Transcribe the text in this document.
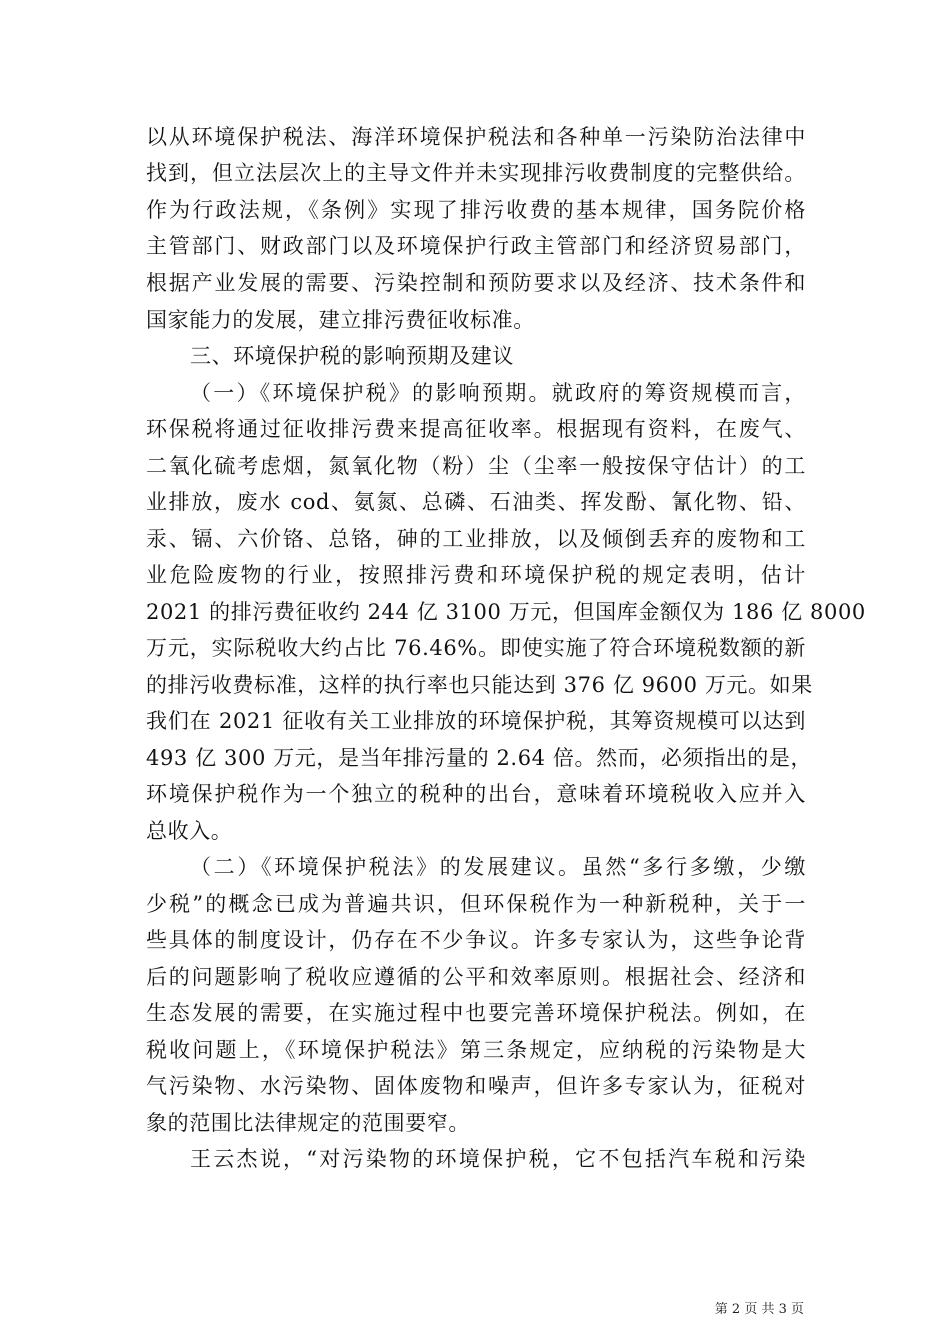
以从环境保护税法、海洋环境保护税法和各种单一污染防治法律中
找到，但立法层次上的主导文件并未实现排污收费制度的完整供给。
作为行政法规，《条例》实现了排污收费的基本规律，国务院价格
主管部门、财政部门以及环境保护行政主管部门和经济贸易部门，
根据产业发展的需要、污染控制和预防要求以及经济、技术条件和
国家能力的发展，建立排污费征收标准。
三、环境保护税的影响预期及建议
（一）《环境保护税》的影响预期。就政府的筹资规模而言，
环保税将通过征收排污费来提高征收率。根据现有资料，在废气、
二氧化硫考虑烟，氮氧化物（粉）尘（尘率一般按保守估计）的工
业排放，废水 cod、氨氮、总磷、石油类、挥发酚、氰化物、铅、
汞、镉、六价铬、总铬，砷的工业排放，以及倾倒丢弃的废物和工
业危险废物的行业，按照排污费和环境保护税的规定表明，估计
2021 的排污费征收约 244 亿 3100 万元，但国库金额仅为 186 亿 8000
万元，实际税收大约占比 76.46%。即使实施了符合环境税数额的新
的排污收费标准，这样的执行率也只能达到 376 亿 9600 万元。如果
我们在 2021 征收有关工业排放的环境保护税，其筹资规模可以达到
493 亿 300 万元，是当年排污量的 2.64 倍。然而，必须指出的是，
环境保护税作为一个独立的税种的出台，意味着环境税收入应并入
总收入。
（二）《环境保护税法》的发展建议。虽然“多行多缴，少缴
少税”的概念已成为普遍共识，但环保税作为一种新税种，关于一
些具体的制度设计，仍存在不少争议。许多专家认为，这些争论背
后的问题影响了税收应遵循的公平和效率原则。根据社会、经济和
生态发展的需要，在实施过程中也要完善环境保护税法。例如，在
税收问题上，《环境保护税法》第三条规定，应纳税的污染物是大
气污染物、水污染物、固体废物和噪声，但许多专家认为，征税对
象的范围比法律规定的范围要窄。
王云杰说，“对污染物的环境保护税，它不包括汽车税和污染
第 2 页 共 3 页
